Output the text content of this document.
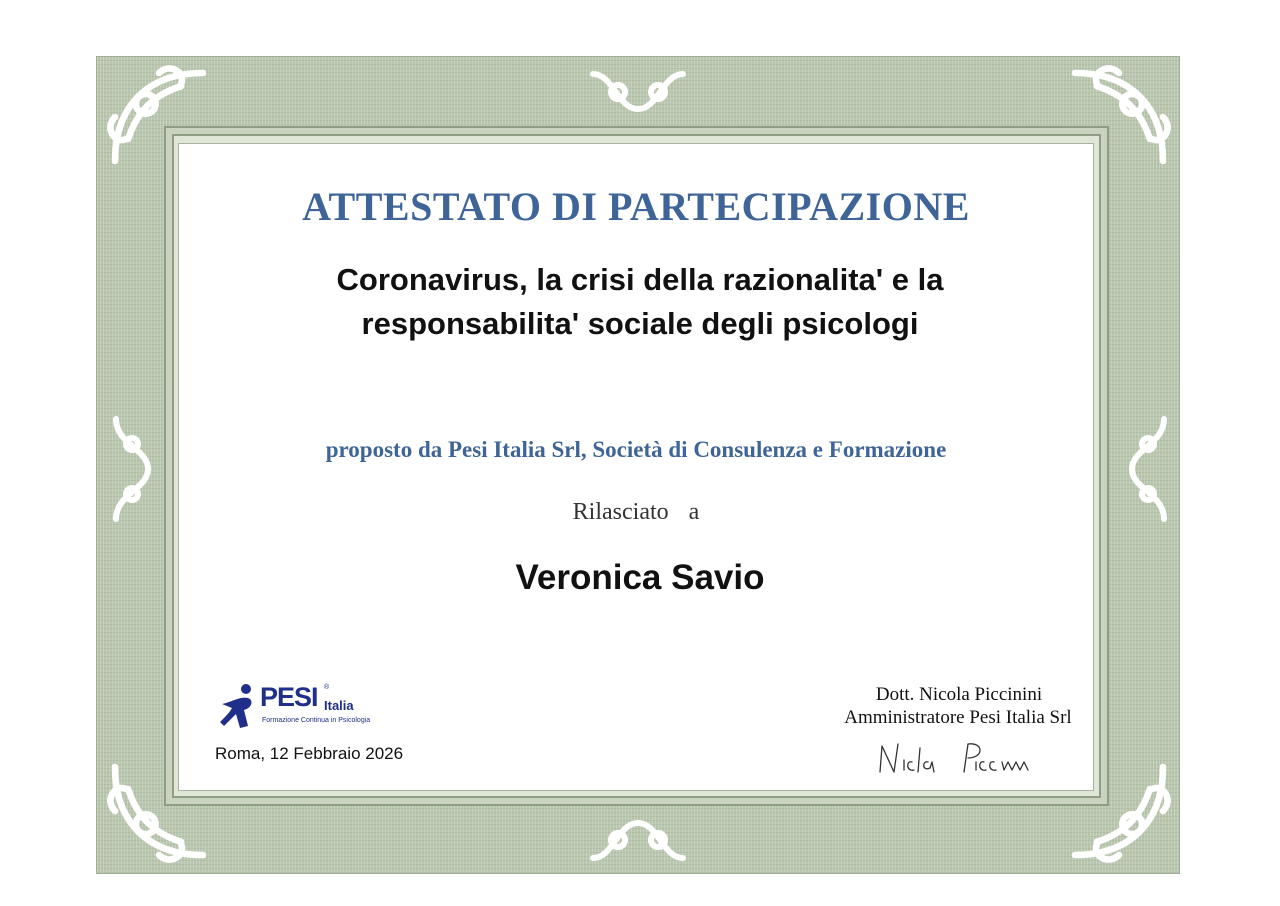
ATTESTATO DI PARTECIPAZIONE
Coronavirus, la crisi della razionalita' e la
responsabilita' sociale degli psicologi
proposto da Pesi Italia Srl, Società di Consulenza e Formazione
Rilasciato  a
Veronica Savio
PESI ®
Italia
Formazione Continua in Psicologia
Roma, 12 Febbraio 2026
Dott. Nicola Piccinini
Amministratore Pesi Italia Srl
